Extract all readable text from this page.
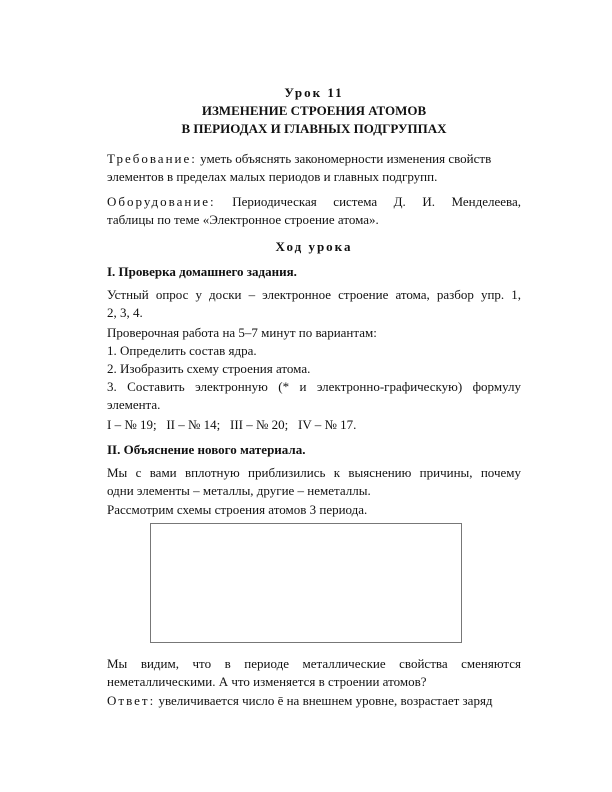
Урок 11
ИЗМЕНЕНИЕ СТРОЕНИЯ АТОМОВ
В ПЕРИОДАХ И ГЛАВНЫХ ПОДГРУППАХ
Требование: уметь объяснять закономерности изменения свойств
элементов в пределах малых периодов и главных подгрупп.
Оборудование: Периодическая система Д. И. Менделеева,
таблицы по теме «Электронное строение атома».
Ход урока
I. Проверка домашнего задания.
Устный опрос у доски – электронное строение атома, разбор упр. 1,
2, 3, 4.
Проверочная работа на 5–7 минут по вариантам:
1. Определить состав ядра.
2. Изобразить схему строения атома.
3. Составить электронную (* и электронно-графическую) формулу
элемента.
I – № 19;   II – № 14;   III – № 20;   IV – № 17.
II. Объяснение нового материала.
Мы с вами вплотную приблизились к выяснению причины, почему
одни элементы – металлы, другие – неметаллы.
Рассмотрим схемы строения атомов 3 периода.
Мы видим, что в периоде металлические свойства сменяются
неметаллическими. А что изменяется в строении атомов?
Ответ: увеличивается число ē на внешнем уровне, возрастает заряд
